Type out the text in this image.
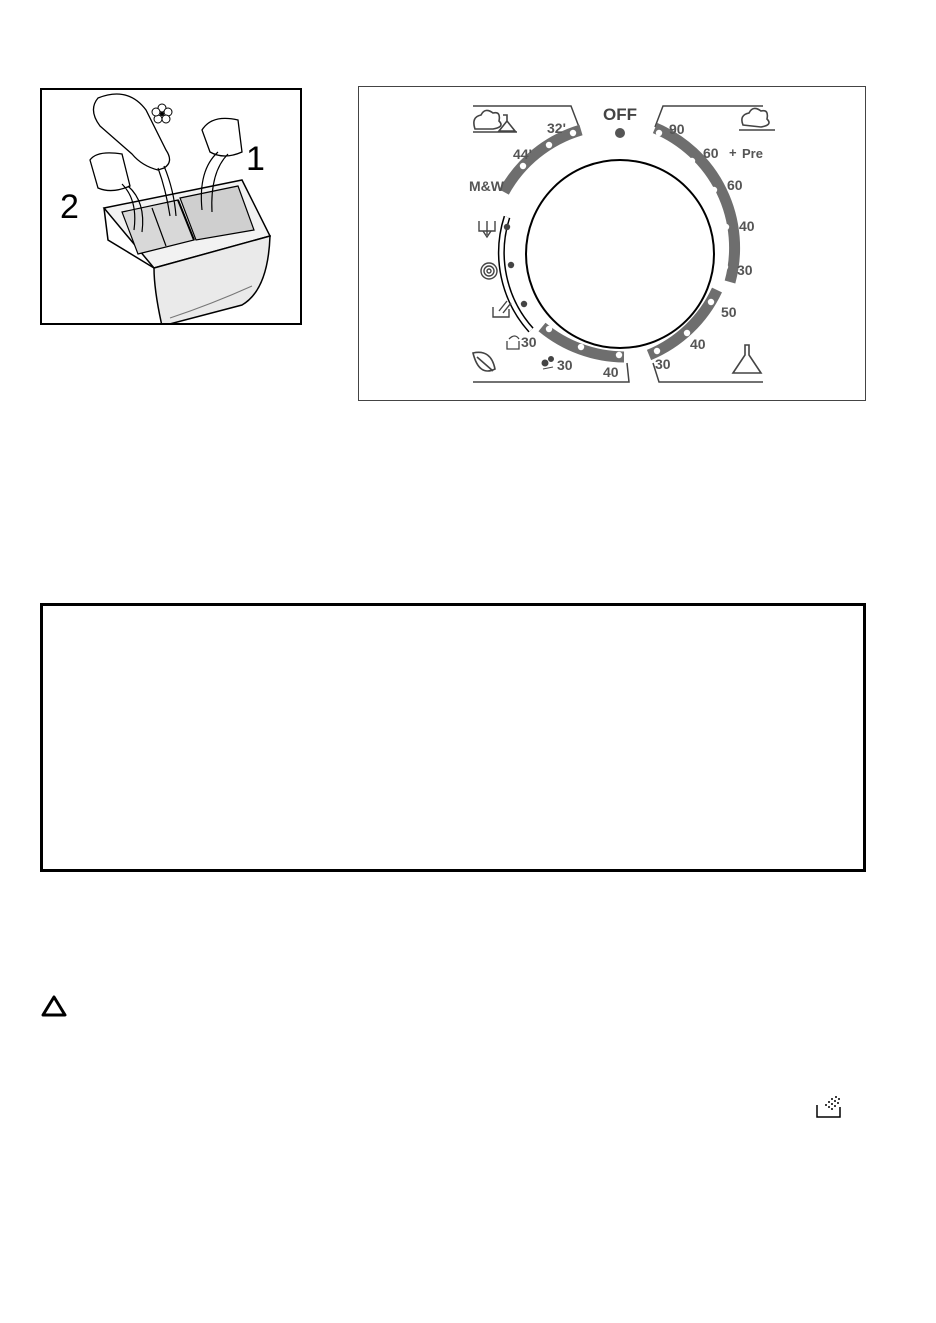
1
2
OFF
32'
44'
M&W
90
60 + Pre
60
40
30
50
40
30
40
30
30
